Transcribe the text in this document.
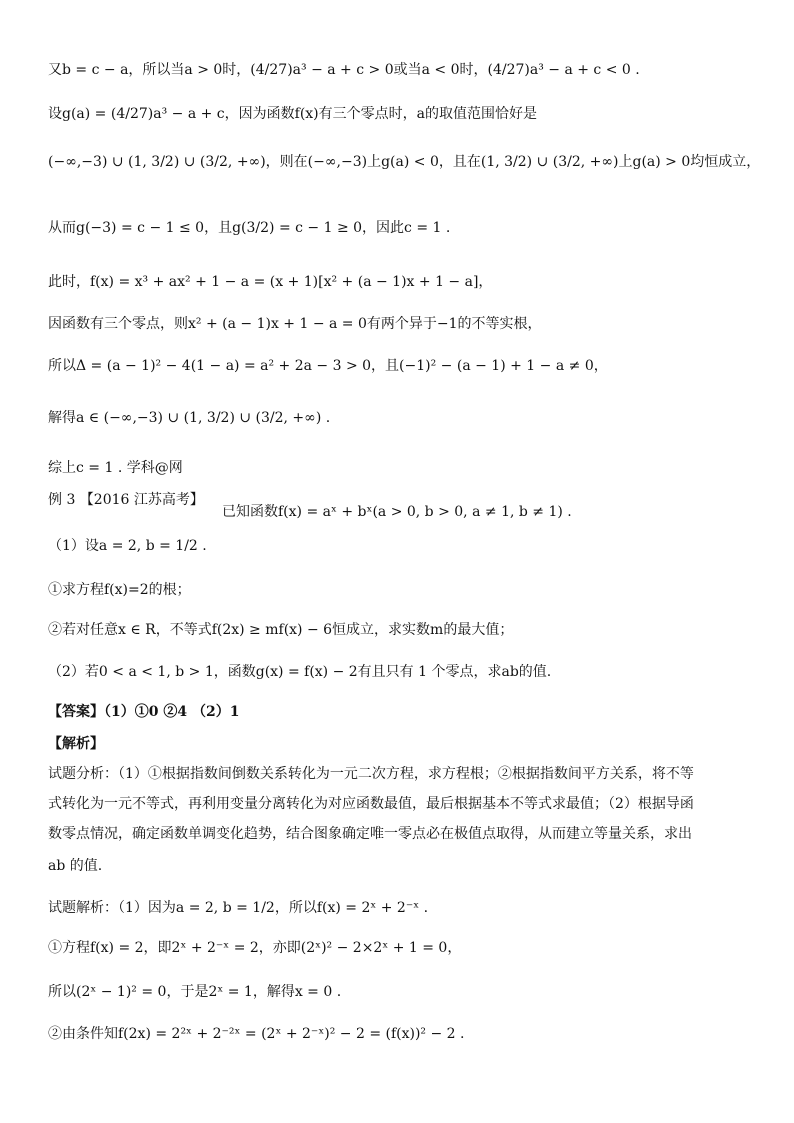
又b = c − a，所以当a > 0时，(4/27)a³ − a + c > 0或当a < 0时，(4/27)a³ − a + c < 0 .
设g(a) = (4/27)a³ − a + c，因为函数f(x)有三个零点时，a的取值范围恰好是
(−∞,−3) ∪ (1, 3/2) ∪ (3/2, +∞)，则在(−∞,−3)上g(a) < 0，且在(1, 3/2) ∪ (3/2, +∞)上g(a) > 0均恒成立，
从而g(−3) = c − 1 ≤ 0，且g(3/2) = c − 1 ≥ 0，因此c = 1 .
此时，f(x) = x³ + ax² + 1 − a = (x + 1)[x² + (a − 1)x + 1 − a]，
因函数有三个零点，则x² + (a − 1)x + 1 − a = 0有两个异于−1的不等实根，
所以Δ = (a − 1)² − 4(1 − a) = a² + 2a − 3 > 0，且(−1)² − (a − 1) + 1 − a ≠ 0，
解得a ∈ (−∞,−3) ∪ (1, 3/2) ∪ (3/2, +∞) .
综上c = 1 . 学科@网
例 3 【2016 江苏高考】
已知函数f(x) = aˣ + bˣ(a > 0, b > 0, a ≠ 1, b ≠ 1) .
（1）设a = 2, b = 1/2 .
①求方程f(x)=2的根；
②若对任意x ∈ R，不等式f(2x) ≥ mf(x) − 6恒成立，求实数m的最大值；
（2）若0 < a < 1, b > 1，函数g(x) = f(x) − 2有且只有 1 个零点，求ab的值.
【答案】（1）①0 ②4 （2）1
【解析】
试题分析：（1）①根据指数间倒数关系转化为一元二次方程，求方程根；②根据指数间平方关系，将不等
式转化为一元不等式，再利用变量分离转化为对应函数最值，最后根据基本不等式求最值；（2）根据导函
数零点情况，确定函数单调变化趋势，结合图象确定唯一零点必在极值点取得，从而建立等量关系，求出
ab 的值.
试题解析：（1）因为a = 2, b = 1/2，所以f(x) = 2ˣ + 2⁻ˣ .
①方程f(x) = 2，即2ˣ + 2⁻ˣ = 2，亦即(2ˣ)² − 2×2ˣ + 1 = 0，
所以(2ˣ − 1)² = 0，于是2ˣ = 1，解得x = 0 .
②由条件知f(2x) = 2²ˣ + 2⁻²ˣ = (2ˣ + 2⁻ˣ)² − 2 = (f(x))² − 2 .
